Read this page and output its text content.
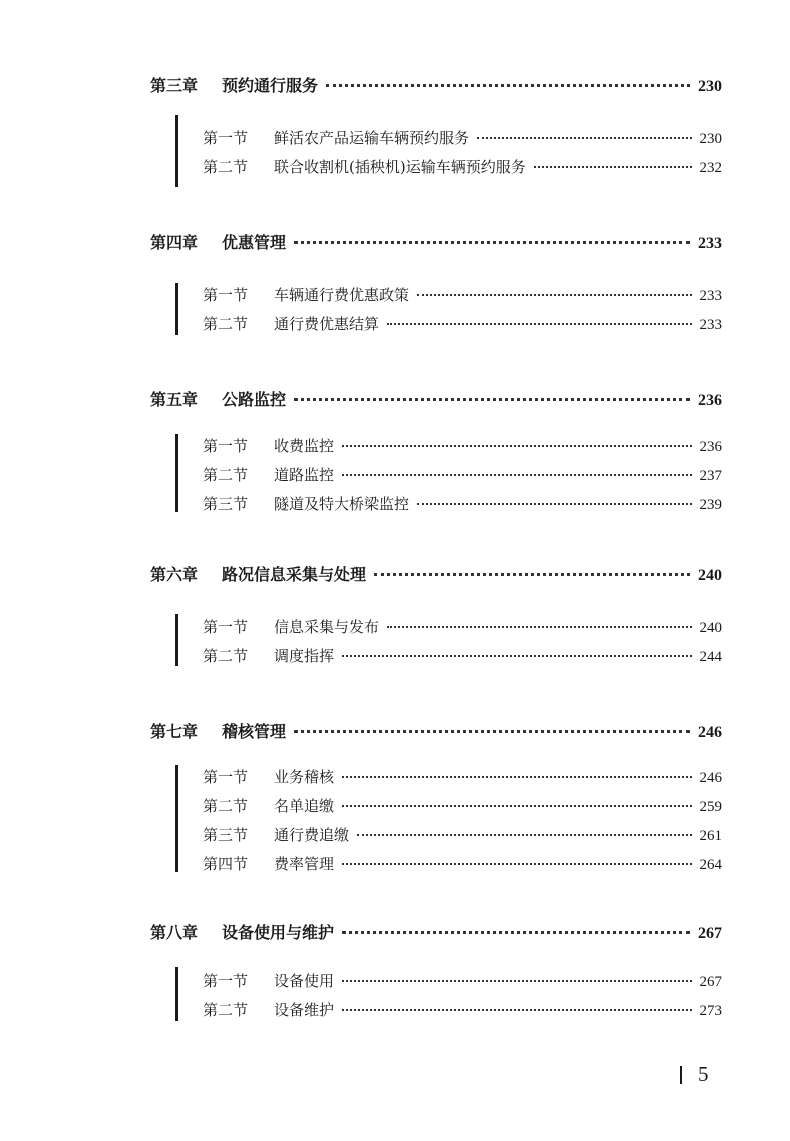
第三章	预约通行服务	230
第一节	鲜活农产品运输车辆预约服务	230
第二节	联合收割机(插秧机)运输车辆预约服务	232
第四章	优惠管理	233
第一节	车辆通行费优惠政策	233
第二节	通行费优惠结算	233
第五章	公路监控	236
第一节	收费监控	236
第二节	道路监控	237
第三节	隧道及特大桥梁监控	239
第六章	路况信息采集与处理	240
第一节	信息采集与发布	240
第二节	调度指挥	244
第七章	稽核管理	246
第一节	业务稽核	246
第二节	名单追缴	259
第三节	通行费追缴	261
第四节	费率管理	264
第八章	设备使用与维护	267
第一节	设备使用	267
第二节	设备维护	273
5
